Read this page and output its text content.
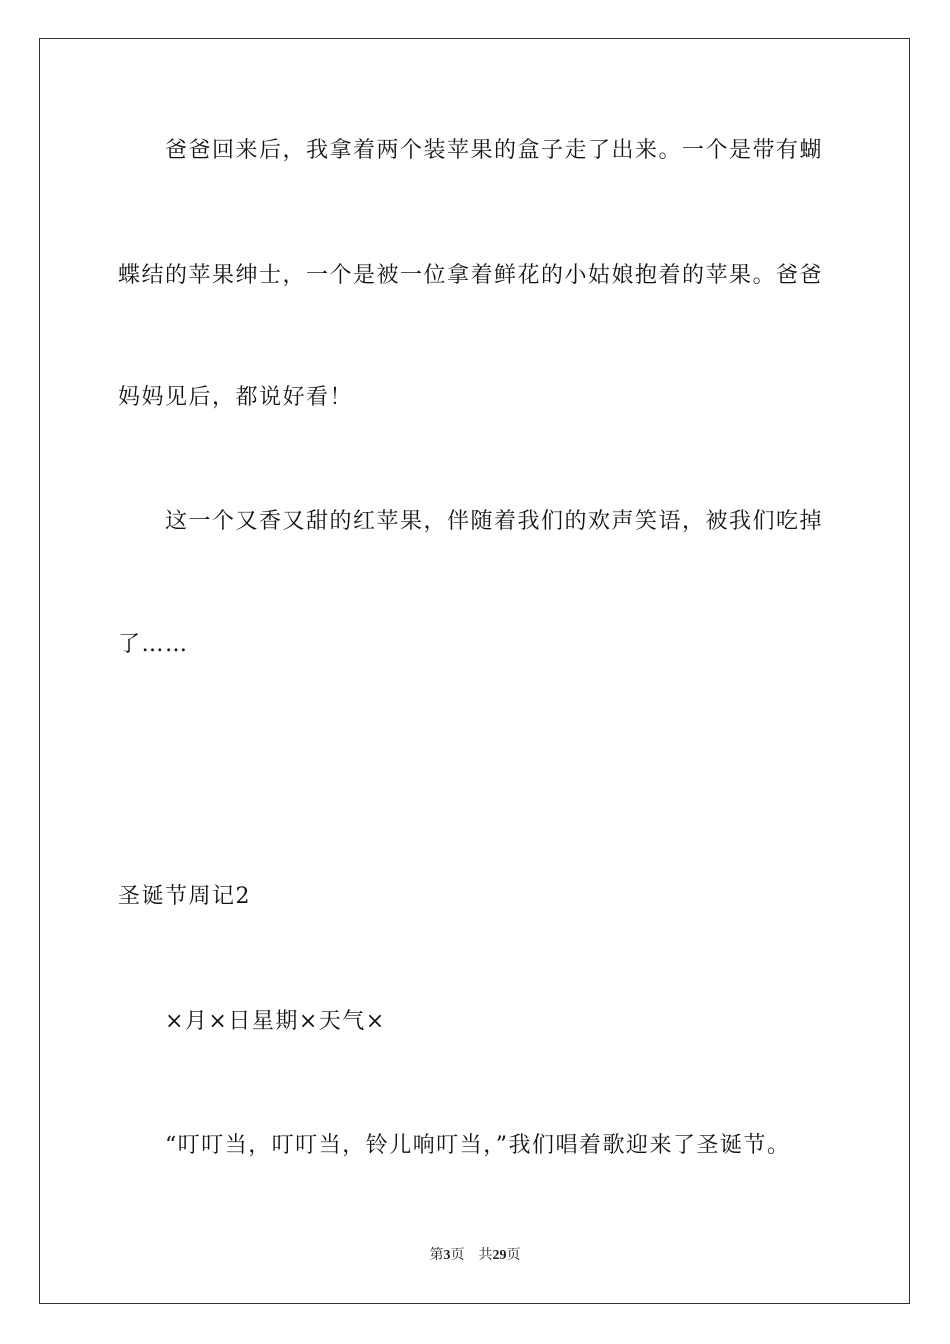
爸爸回来后，我拿着两个装苹果的盒子走了出来。一个是带有蝴
蝶结的苹果绅士，一个是被一位拿着鲜花的小姑娘抱着的苹果。爸爸
妈妈见后，都说好看！
这一个又香又甜的红苹果，伴随着我们的欢声笑语，被我们吃掉
了……
圣诞节周记2
×月×日星期×天气×
“叮叮当，叮叮当，铃儿响叮当，”我们唱着歌迎来了圣诞节。
第3页 共29页
